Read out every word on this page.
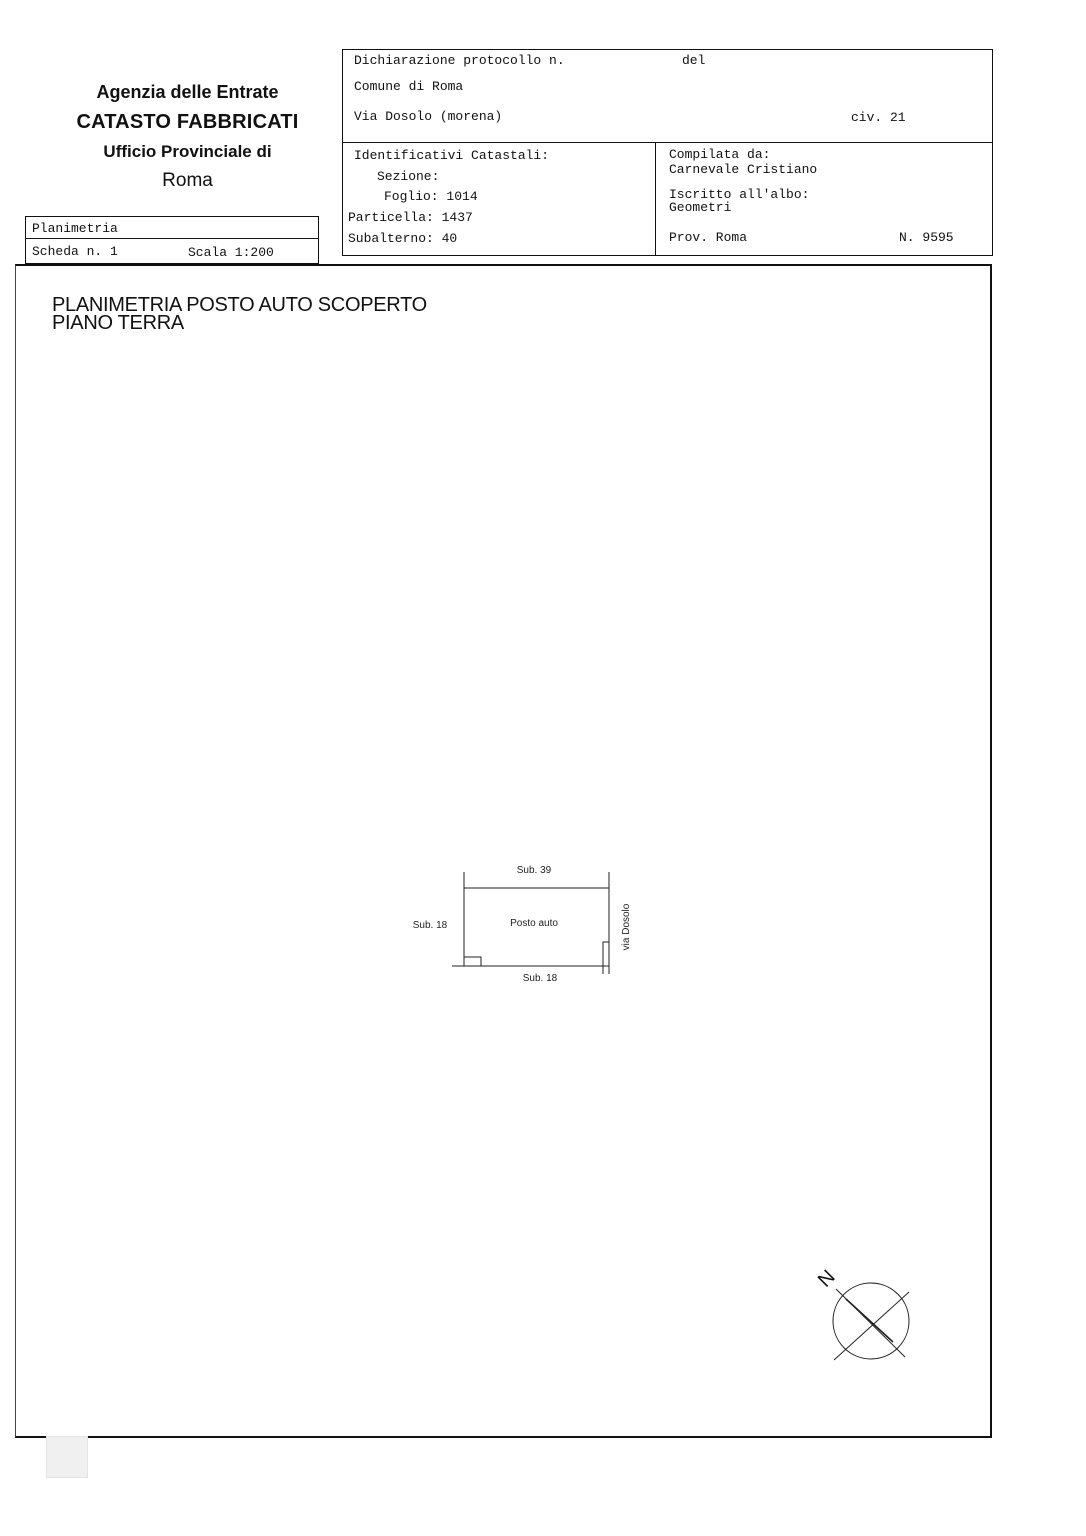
Agenzia delle Entrate
CATASTO FABBRICATI
Ufficio Provinciale di
Roma
Planimetria
Scheda n. 1	Scala 1:200
Dichiarazione protocollo n.	del
Comune di Roma
Via Dosolo (morena)	civ. 21
Identificativi Catastali:
Sezione:
Foglio: 1014
Particella: 1437
Subalterno: 40
Compilata da:
Carnevale Cristiano
Iscritto all'albo:
Geometri
Prov. Roma	N. 9595
PLANIMETRIA POSTO AUTO SCOPERTO
PIANO TERRA
Sub. 39
Sub. 18	Posto auto
Sub. 18
via Dosolo
N
